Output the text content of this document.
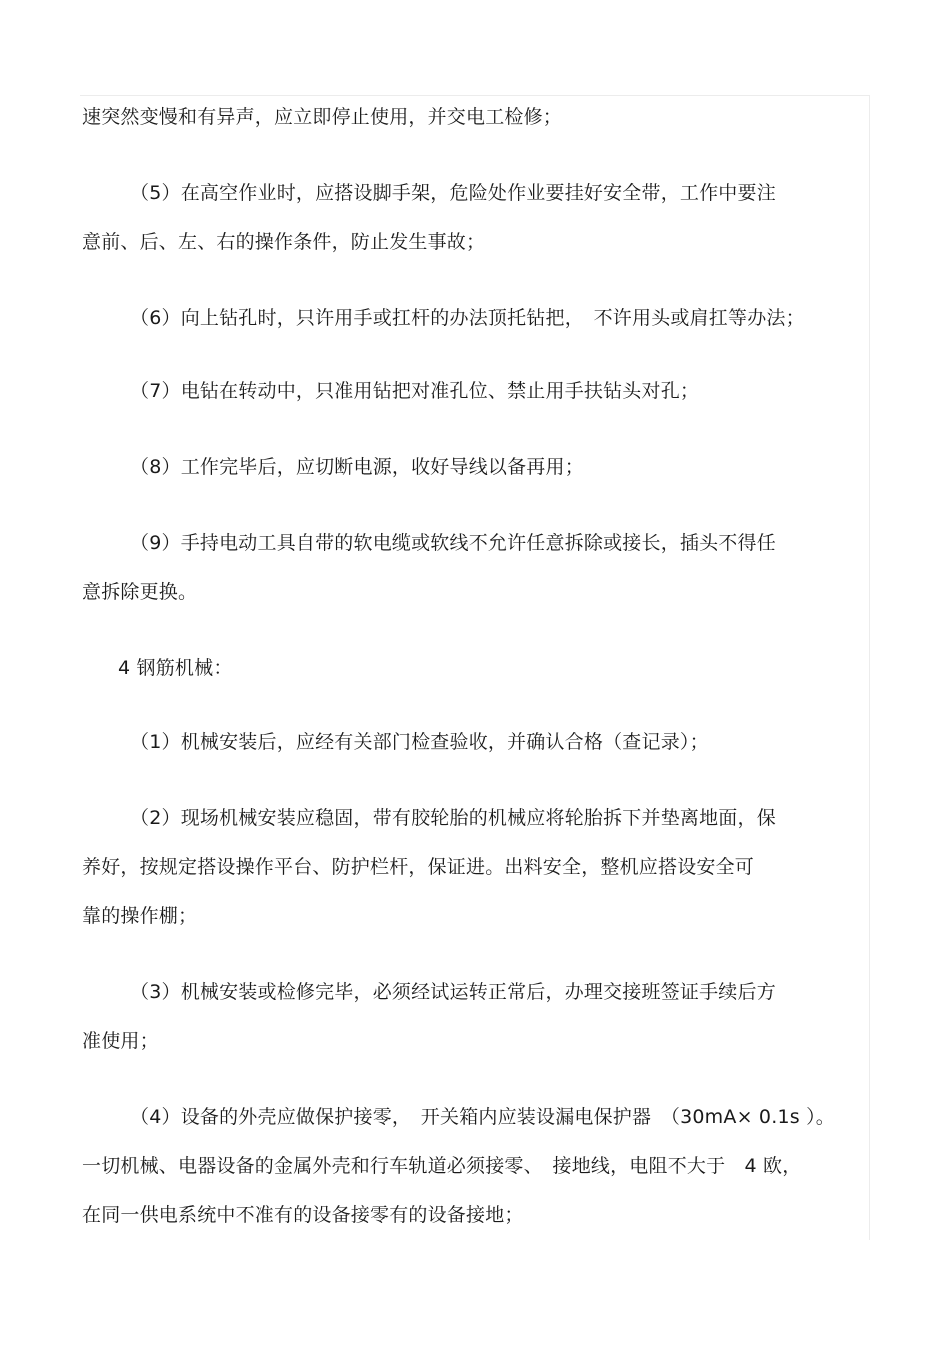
速突然变慢和有异声，应立即停止使用，并交电工检修；
（5）在高空作业时，应搭设脚手架，危险处作业要挂好安全带，工作中要注
意前、后、左、右的操作条件，防止发生事故；
（6）向上钻孔时，只许用手或扛杆的办法顶托钻把，　不许用头或肩扛等办法；
（7）电钻在转动中，只准用钻把对准孔位、禁止用手扶钻头对孔；
（8）工作完毕后，应切断电源，收好导线以备再用；
（9）手持电动工具自带的软电缆或软线不允许任意拆除或接长，插头不得任
意拆除更换。
4 钢筋机械：
（1）机械安装后，应经有关部门检查验收，并确认合格（查记录）；
（2）现场机械安装应稳固，带有胶轮胎的机械应将轮胎拆下并垫离地面，保
养好，按规定搭设操作平台、防护栏杆，保证进。出料安全，整机应搭设安全可
靠的操作棚；
（3）机械安装或检修完毕，必须经试运转正常后，办理交接班签证手续后方
准使用；
（4）设备的外壳应做保护接零，　开关箱内应装设漏电保护器　（30mA× 0.1s ）。
一切机械、电器设备的金属外壳和行车轨道必须接零、　接地线，电阻不大于　4 欧，
在同一供电系统中不准有的设备接零有的设备接地；
